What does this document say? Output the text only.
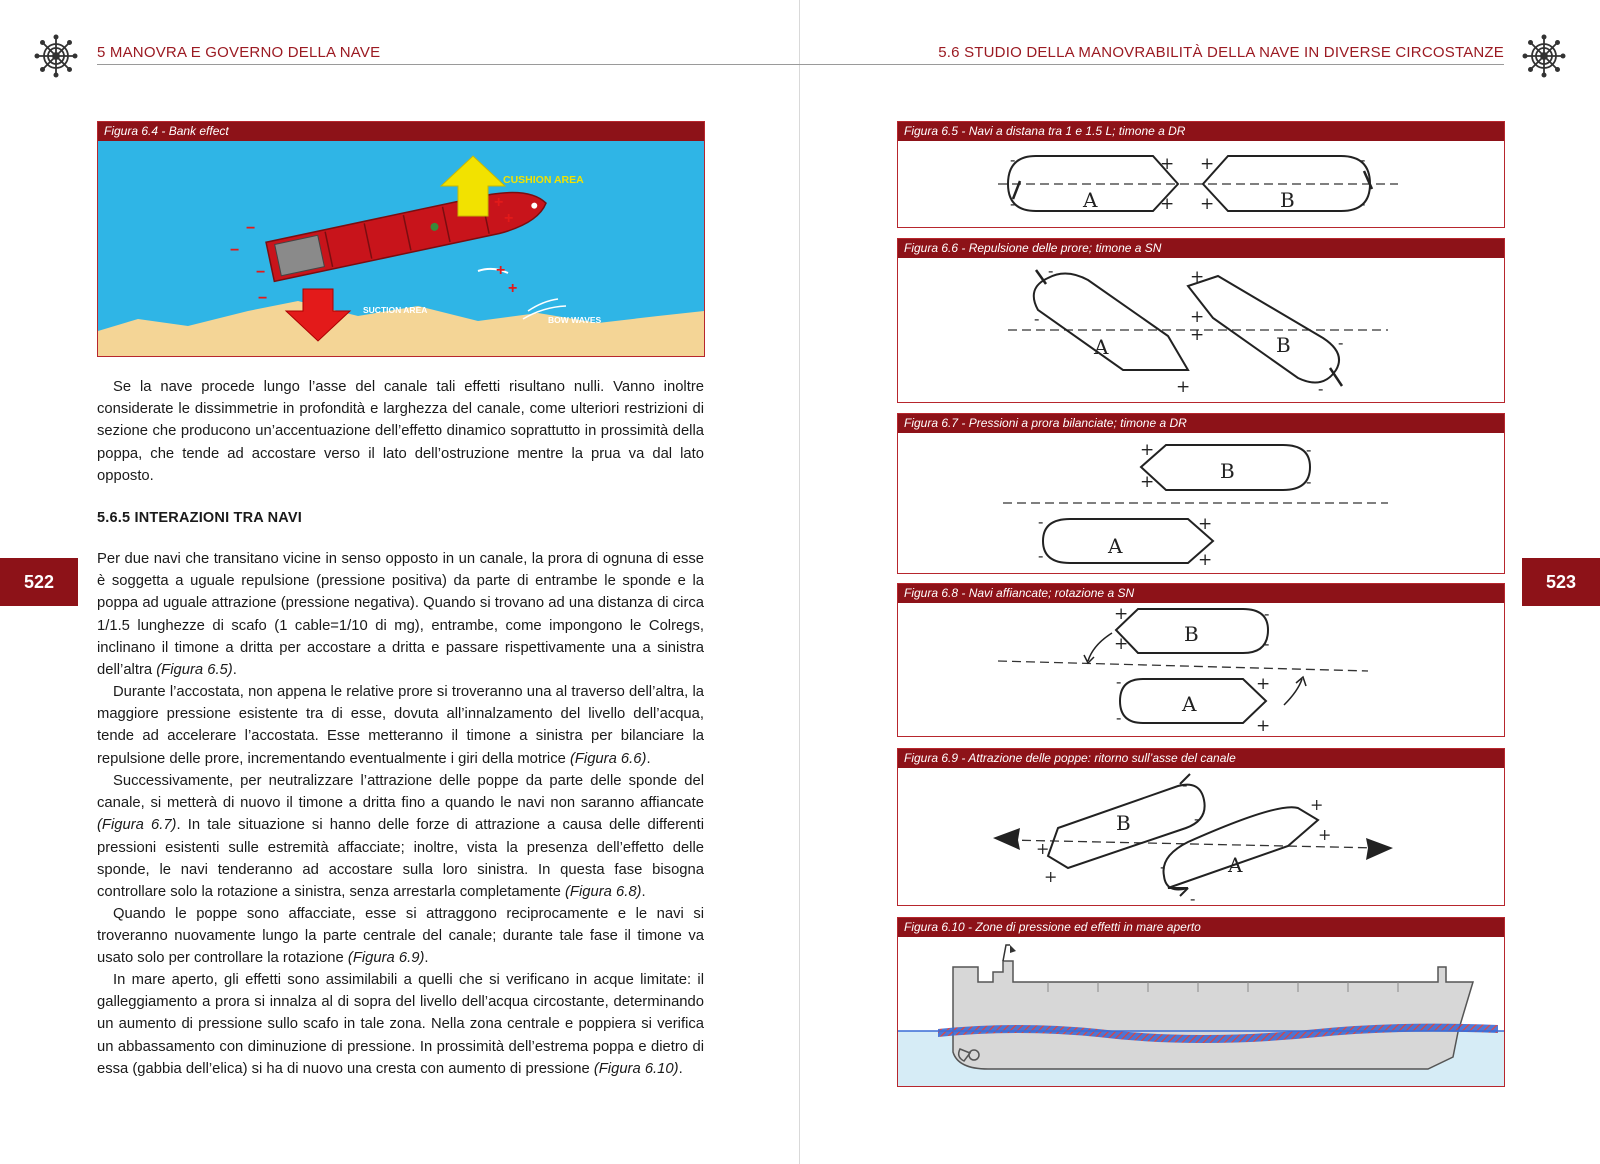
5 MANOVRA E GOVERNO DELLA NAVE
522
Figura 6.4 - Bank effect
−
−
−
−
+
+
+
+
CUSHION AREA
SUCTION AREA
BOW WAVES

Se la nave procede lungo l’asse del canale tali effetti risultano nulli. Vanno inoltre considerate le dissimmetrie in profondità e larghezza del canale, come ulteriori restrizioni di sezione che producono un’accentuazione dell’effetto dinamico soprattutto in prossimità della poppa, che tende ad accostare verso il lato dell’ostruzione mentre la prua va dal lato opposto.

5.6.5 INTERAZIONI TRA NAVI

Per due navi che transitano vicine in senso opposto in un canale, la prora di ognuna di esse è soggetta a uguale repulsione (pressione positiva) da parte di entrambe le sponde e la poppa ad uguale attrazione (pressione negativa). Quando si trovano ad una distanza di circa 1/1.5 lunghezze di scafo (1 cable=1/10 di mg), entrambe, come impongono le Colregs, inclinano il timone a dritta per accostare a dritta e passare rispettivamente una a sinistra dell’altra (Figura 6.5).

Durante l’accostata, non appena le relative prore si troveranno una al traverso dell’altra, la maggiore pressione esistente tra di esse, dovuta all’innalzamento del livello dell’acqua, tende ad accelerare l’accostata. Esse metteranno il timone a sinistra per bilanciare la repulsione delle prore, incrementando eventualmente i giri della motrice (Figura 6.6).

Successivamente, per neutralizzare l’attrazione delle poppe da parte delle sponde del canale, si metterà di nuovo il timone a dritta fino a quando le navi non saranno affiancate (Figura 6.7). In tale situazione si hanno delle forze di attrazione a causa delle differenti pressioni esistenti sulle estremità affacciate; inoltre, vista la presenza dell’effetto delle sponde, le navi tenderanno ad accostare sulla loro sinistra. In questa fase bisogna controllare solo la rotazione a sinistra, senza arrestarla completamente (Figura 6.8).

Quando le poppe sono affacciate, esse si attraggono reciprocamente e le navi si troveranno nuovamente lungo la parte centrale del canale; durante tale fase il timone va usato solo per controllare la rotazione (Figura 6.9).

In mare aperto, gli effetti sono assimilabili a quelli che si verificano in acque limitate: il galleggiamento a prora si innalza al di sopra del livello dell’acqua circostante, determinando un aumento di pressione sullo scafo in tale zona. Nella zona centrale e poppiera si verifica un abbassamento con diminuzione di pressione. In prossimità dell’estrema poppa e dietro di essa (gabbia dell’elica) si ha di nuovo una cresta con aumento di pressione (Figura 6.10).

5.6 STUDIO DELLA MANOVRABILITÀ DELLA NAVE IN DIVERSE CIRCOSTANZE
523
Figura 6.5 - Navi a distana tra 1 e 1.5 L; timone a DR
A	B
-
-
+
+
+
+
-
-
Figura 6.6 - Repulsione delle prore; timone a SN
A	B
-
-
+
+
+
+
-
-
Figura 6.7 - Pressioni a prora bilanciate; timone a DR
B
A
+
+
-
-
-
-
+
+
Figura 6.8 - Navi affiancate; rotazione a SN
B
A
+
+
-
-
-
-
+
+
Figura 6.9 - Attrazione delle poppe: ritorno sull’asse del canale
B
A
+
+
-
-
-
-
+
+
Figura 6.10 - Zone di pressione ed effetti in mare aperto
